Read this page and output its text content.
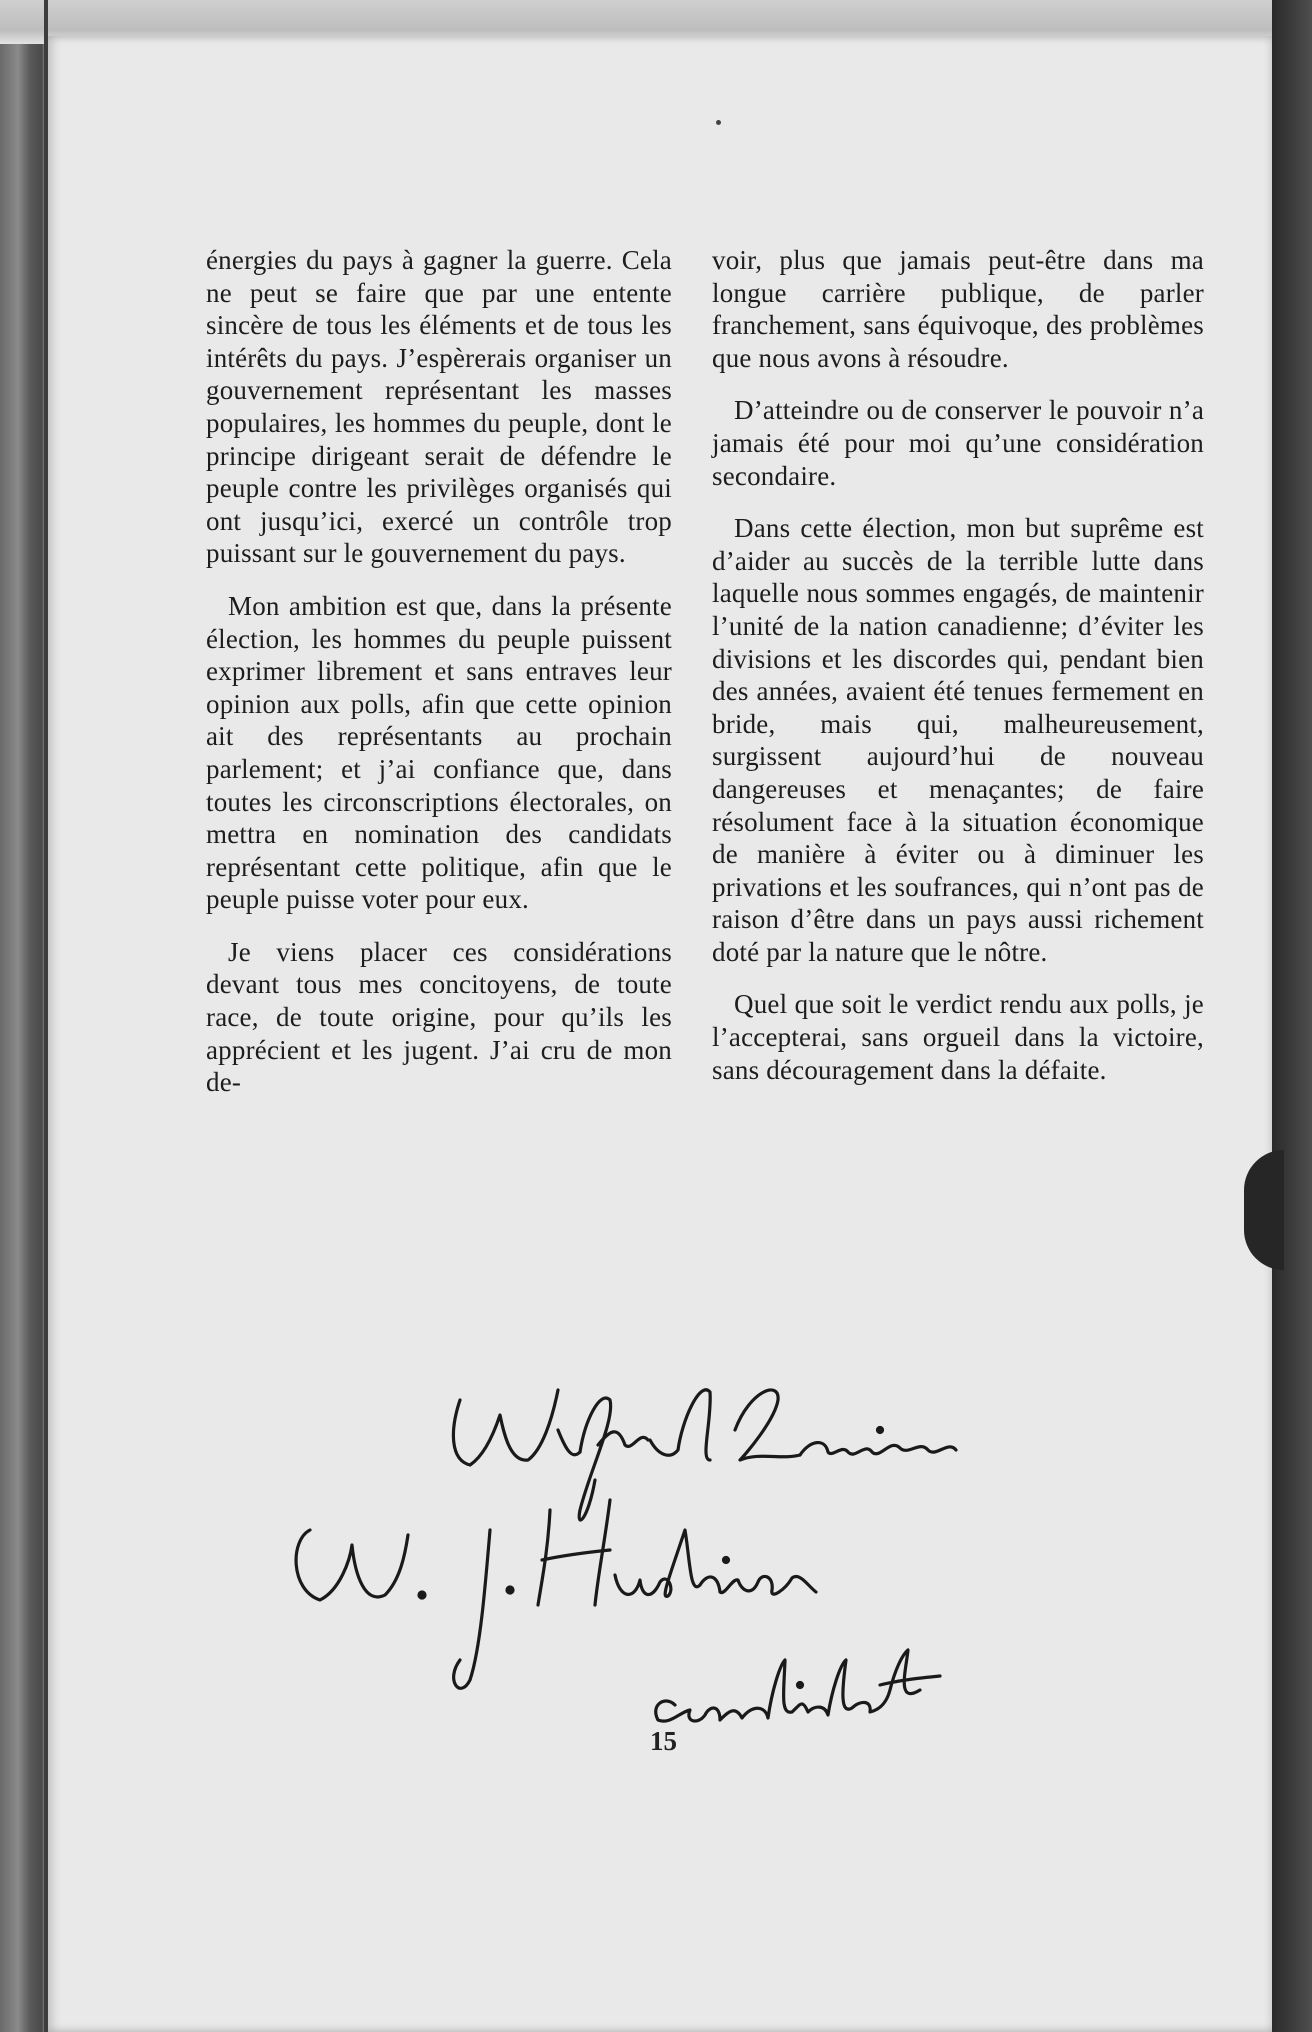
énergies du pays à gagner la guerre. Cela ne peut se faire que par une entente sincère de tous les éléments et de tous les intérêts du pays. J’espèrerais organiser un gouvernement représentant les masses populaires, les hommes du peuple, dont le principe dirigeant serait de défendre le peuple contre les privilèges organisés qui ont jusqu’ici, exercé un contrôle trop puissant sur le gouvernement du pays.

Mon ambition est que, dans la présente élection, les hommes du peuple puissent exprimer librement et sans entraves leur opinion aux polls, afin que cette opinion ait des représentants au prochain parlement; et j’ai confiance que, dans toutes les circonscriptions électorales, on mettra en nomination des candidats représentant cette politique, afin que le peuple puisse voter pour eux.

Je viens placer ces considérations devant tous mes concitoyens, de toute race, de toute origine, pour qu’ils les apprécient et les jugent. J’ai cru de mon de-

voir, plus que jamais peut-être dans ma longue carrière publique, de parler franchement, sans équivoque, des problèmes que nous avons à résoudre.

D’atteindre ou de conserver le pouvoir n’a jamais été pour moi qu’une considération secondaire.

Dans cette élection, mon but suprême est d’aider au succès de la terrible lutte dans laquelle nous sommes engagés, de maintenir l’unité de la nation canadienne; d’éviter les divisions et les discordes qui, pendant bien des années, avaient été tenues fermement en bride, mais qui, malheureusement, surgissent aujourd’hui de nouveau dangereuses et menaçantes; de faire résolument face à la situation économique de manière à éviter ou à diminuer les privations et les soufrances, qui n’ont pas de raison d’être dans un pays aussi richement doté par la nature que le nôtre.

Quel que soit le verdict rendu aux polls, je l’accepterai, sans orgueil dans la victoire, sans découragement dans la défaite.

15
